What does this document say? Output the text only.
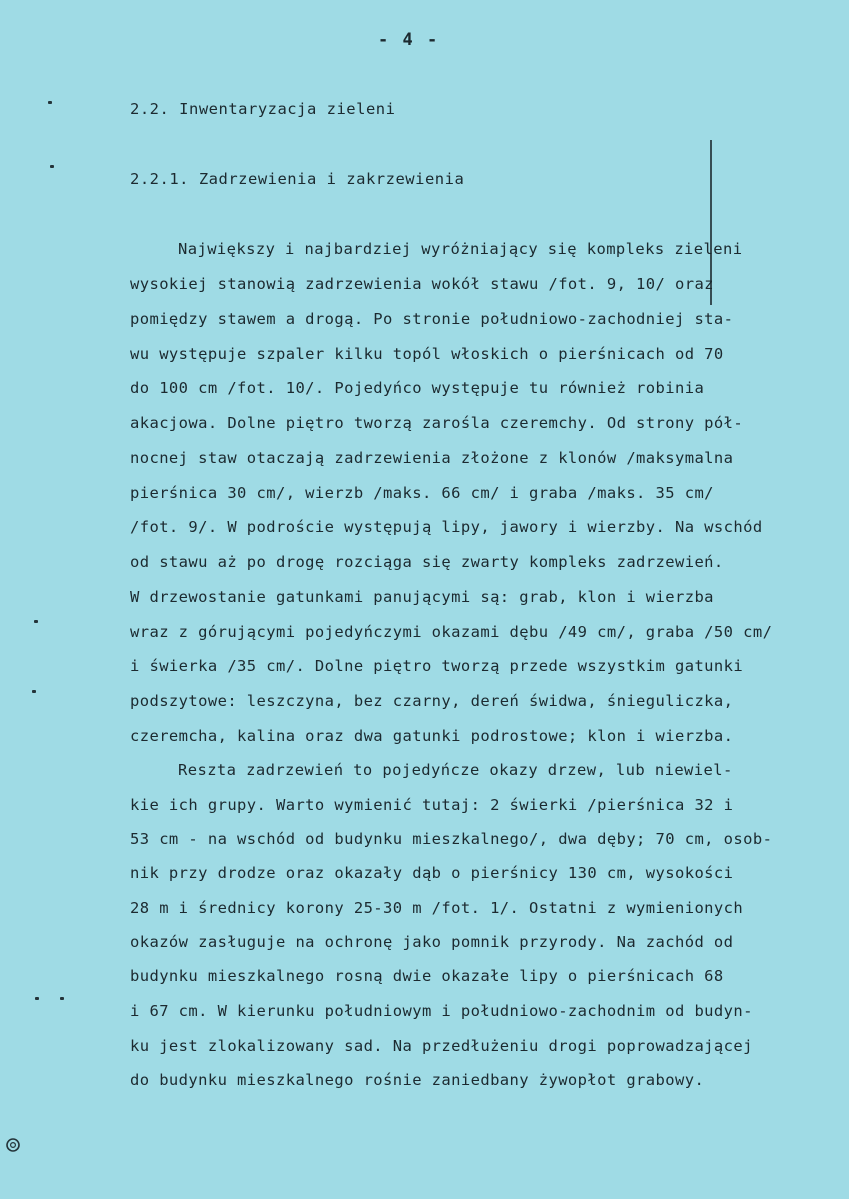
- 4 -
2.2. Inwentaryzacja zieleni
2.2.1. Zadrzewienia i zakrzewienia
Największy i najbardziej wyróżniający się kompleks zieleni
wysokiej stanowią zadrzewienia wokół stawu /fot. 9, 10/ oraz
pomiędzy stawem a drogą. Po stronie południowo-zachodniej sta-
wu występuje szpaler kilku topól włoskich o pierśnicach od 70
do 100 cm /fot. 10/. Pojedyńco występuje tu również robinia
akacjowa. Dolne piętro tworzą zarośla czeremchy. Od strony pół-
nocnej staw otaczają zadrzewienia złożone z klonów /maksymalna
pierśnica 30 cm/, wierzb /maks. 66 cm/ i graba /maks. 35 cm/
/fot. 9/. W podroście występują lipy, jawory i wierzby. Na wschód
od stawu aż po drogę rozciąga się zwarty kompleks zadrzewień.
W drzewostanie gatunkami panującymi są: grab, klon i wierzba
wraz z górującymi pojedyńczymi okazami dębu /49 cm/, graba /50 cm/
i świerka /35 cm/. Dolne piętro tworzą przede wszystkim gatunki
podszytowe: leszczyna, bez czarny, dereń świdwa, śnieguliczka,
czeremcha, kalina oraz dwa gatunki podrostowe; klon i wierzba.
Reszta zadrzewień to pojedyńcze okazy drzew, lub niewiel-
kie ich grupy. Warto wymienić tutaj: 2 świerki /pierśnica 32 i
53 cm - na wschód od budynku mieszkalnego/, dwa dęby; 70 cm, osob-
nik przy drodze oraz okazały dąb o pierśnicy 130 cm, wysokości
28 m i średnicy korony 25-30 m /fot. 1/. Ostatni z wymienionych
okazów zasługuje na ochronę jako pomnik przyrody. Na zachód od
budynku mieszkalnego rosną dwie okazałe lipy o pierśnicach 68
i 67 cm. W kierunku południowym i południowo-zachodnim od budyn-
ku jest zlokalizowany sad. Na przedłużeniu drogi poprowadzającej
do budynku mieszkalnego rośnie zaniedbany żywopłot grabowy.
